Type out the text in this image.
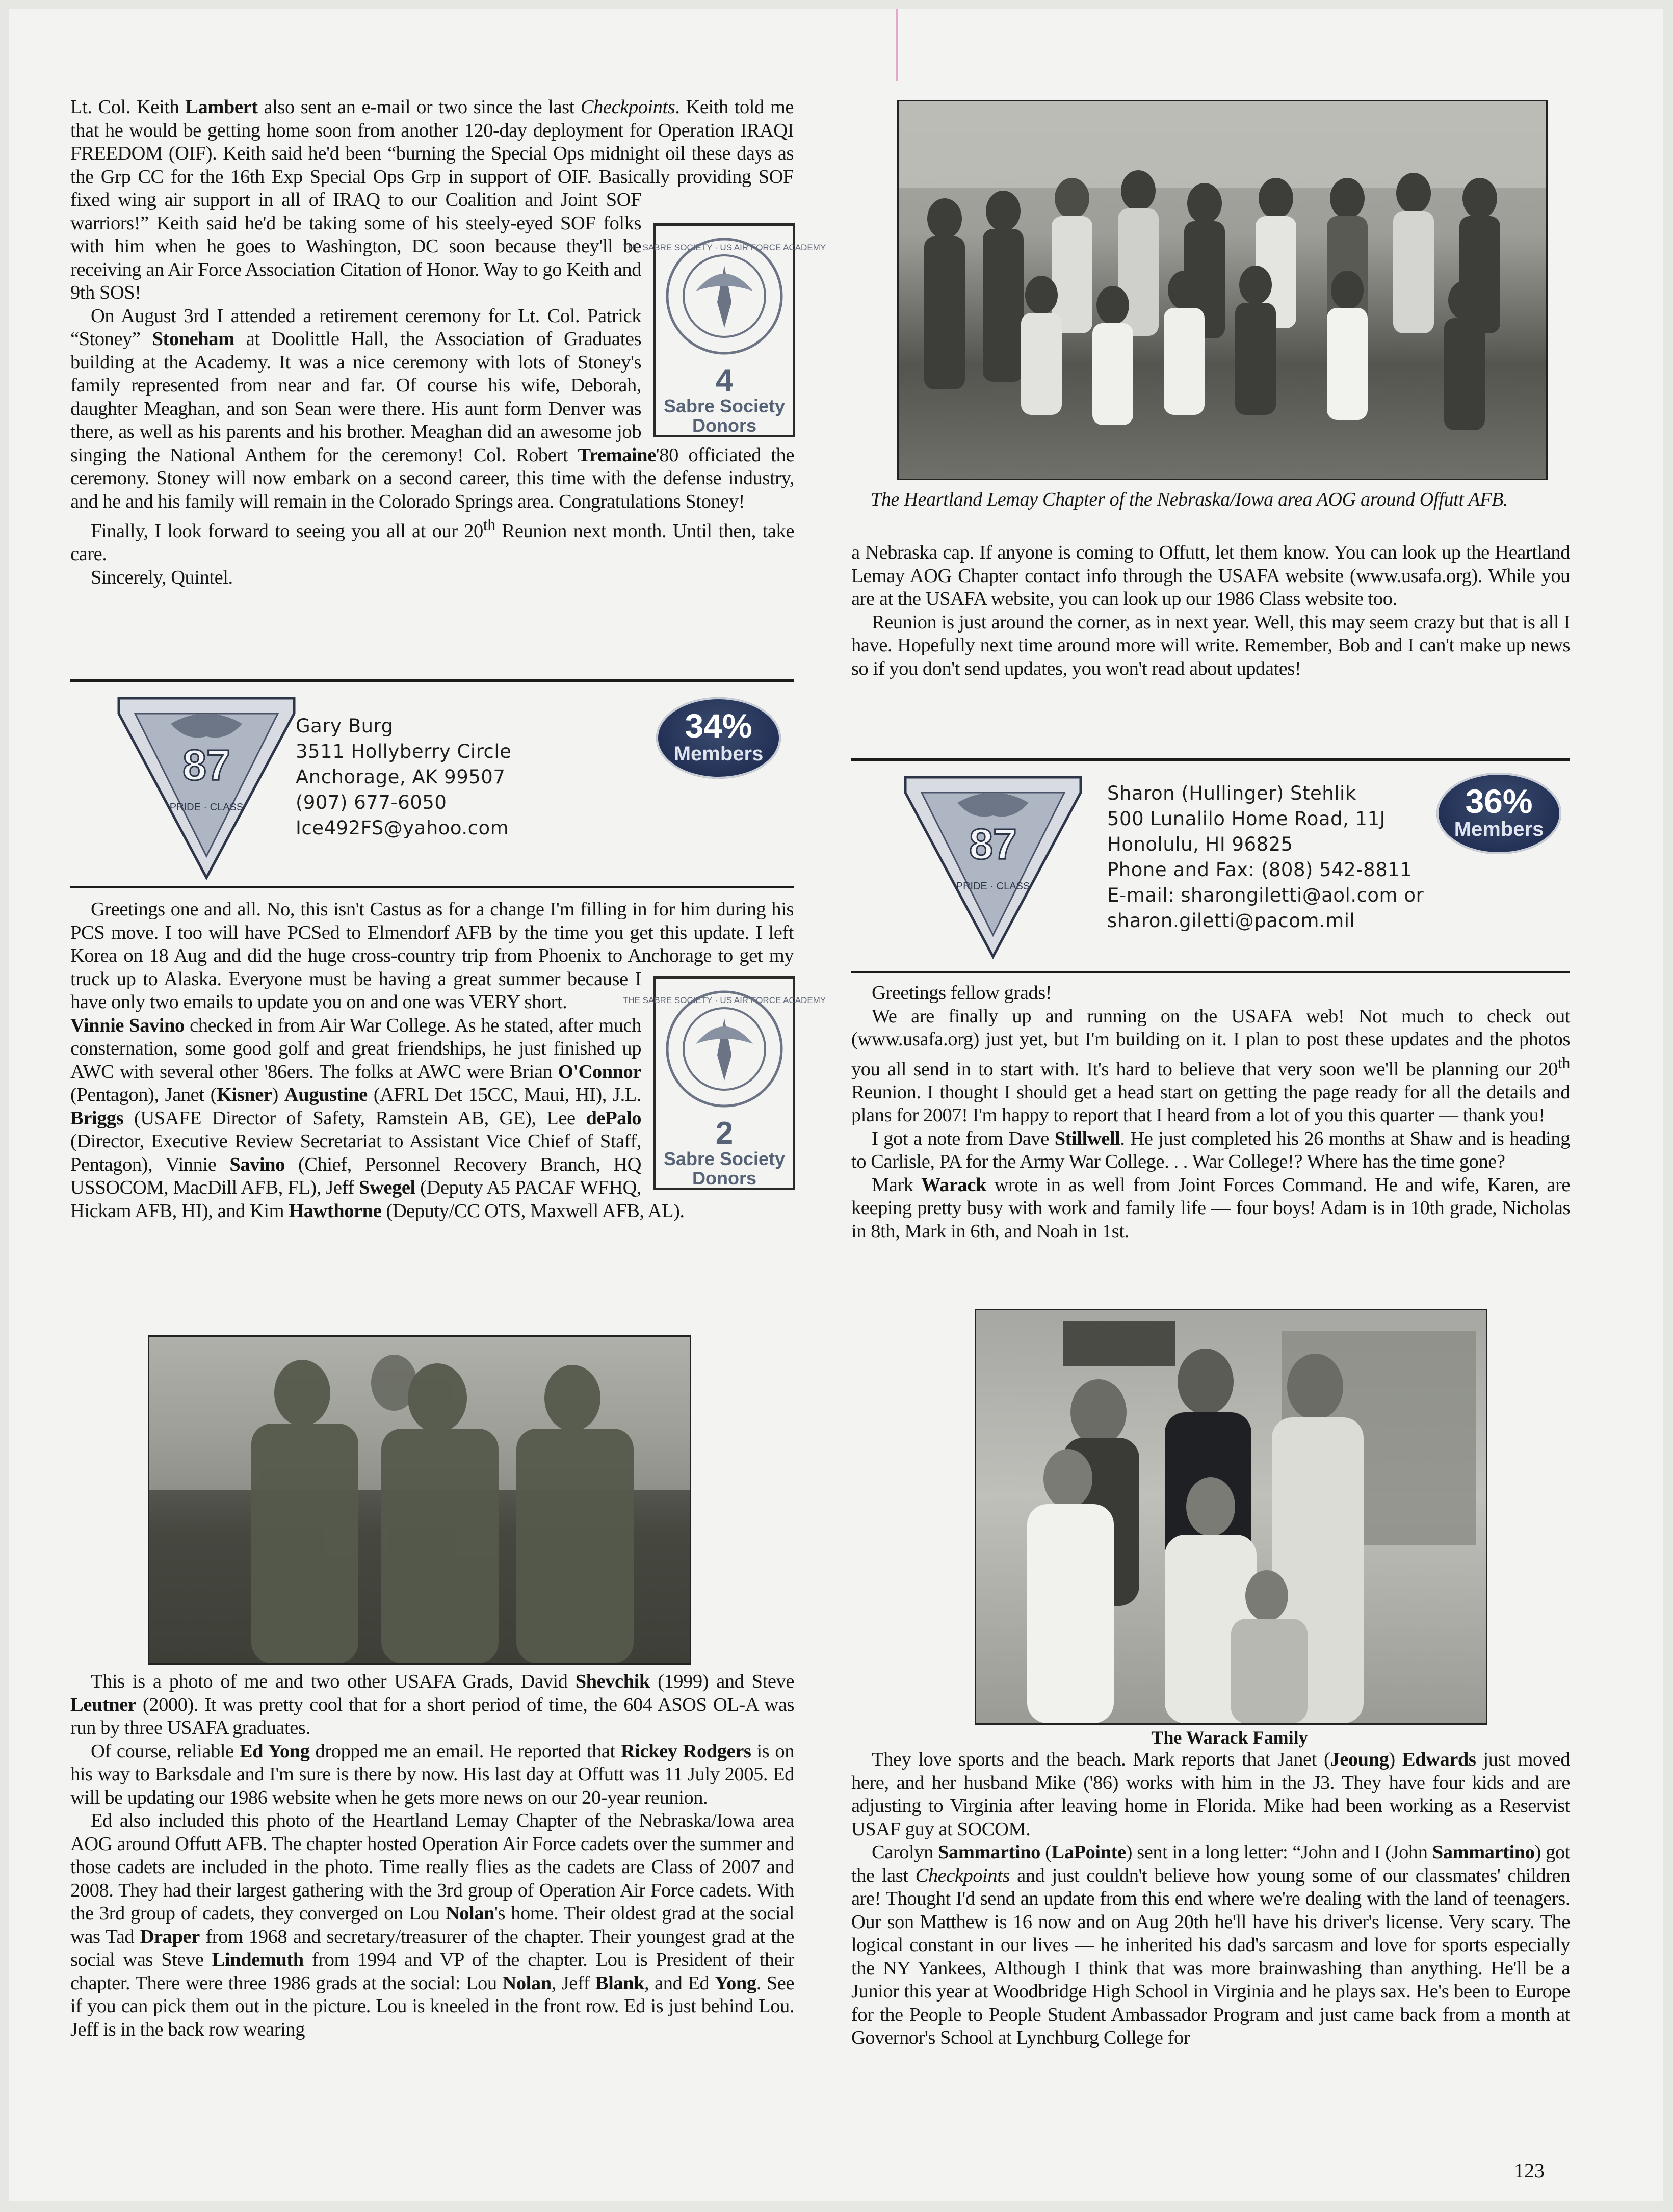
Lt. Col. Keith Lambert also sent an e-mail or two since the last Checkpoints. Keith told me that he would be getting home soon from another 120-day deployment for Operation IRAQI FREEDOM (OIF). Keith said he'd been “burning the Special Ops midnight oil these days as the Grp CC for the 16th Exp Special Ops Grp in support of OIF. Basically providing SOF fixed wing air support in all of IRAQ to our Coalition and Joint SOF warriors!” Keith said he'd be taking some of his steely-eyed SOF folks with him when he goes to Washington, DC soon because they'll be receiving an Air Force Association Citation of Honor. Way to go Keith and 9th SOS!

On August 3rd I attended a retirement ceremony for Lt. Col. Patrick “Stoney” Stoneham at Doolittle Hall, the Association of Graduates building at the Academy. It was a nice ceremony with lots of Stoney's family represented from near and far. Of course his wife, Deborah, daughter Meaghan, and son Sean were there. His aunt form Denver was there, as well as his parents and his brother. Meaghan did an awesome job singing the National Anthem for the ceremony! Col. Robert Tremaine'80 officiated the ceremony. Stoney will now embark on a second career, this time with the defense industry, and he and his family will remain in the Colorado Springs area. Congratulations Stoney!

Finally, I look forward to seeing you all at our 20th Reunion next month. Until then, take care.

Sincerely, Quintel.

THE SABRE SOCIETY · US AIR FORCE ACADEMY
4
Sabre Society
Donors
87
PRIDE · CLASS
Gary Burg
3511 Hollyberry Circle
Anchorage, AK 99507
(907) 677-6050
Ice492FS@yahoo.com
34%
Members

Greetings one and all. No, this isn't Castus as for a change I'm filling in for him during his PCS move. I too will have PCSed to Elmendorf AFB by the time you get this update. I left Korea on 18 Aug and did the huge cross-country trip from Phoenix to Anchorage to get my truck up to Alaska. Everyone must be having a great summer because I have only two emails to update you on and one was VERY short.

Vinnie Savino checked in from Air War College. As he stated, after much consternation, some good golf and great friendships, he just finished up AWC with several other '86ers. The folks at AWC were Brian O'Connor (Pentagon), Janet (Kisner) Augustine (AFRL Det 15CC, Maui, HI), J.L. Briggs (USAFE Director of Safety, Ramstein AB, GE), Lee dePalo (Director, Executive Review Secretariat to Assistant Vice Chief of Staff, Pentagon), Vinnie Savino (Chief, Personnel Recovery Branch, HQ USSOCOM, MacDill AFB, FL), Jeff Swegel (Deputy A5 PACAF WFHQ, Hickam AFB, HI), and Kim Hawthorne (Deputy/CC OTS, Maxwell AFB, AL).

THE SABRE SOCIETY · US AIR FORCE ACADEMY
2
Sabre Society
Donors

This is a photo of me and two other USAFA Grads, David Shevchik (1999) and Steve Leutner (2000). It was pretty cool that for a short period of time, the 604 ASOS OL-A was run by three USAFA graduates.

Of course, reliable Ed Yong dropped me an email. He reported that Rickey Rodgers is on his way to Barksdale and I'm sure is there by now. His last day at Offutt was 11 July 2005. Ed will be updating our 1986 website when he gets more news on our 20-year reunion.

Ed also included this photo of the Heartland Lemay Chapter of the Nebraska/Iowa area AOG around Offutt AFB. The chapter hosted Operation Air Force cadets over the summer and those cadets are included in the photo. Time really flies as the cadets are Class of 2007 and 2008. They had their largest gathering with the 3rd group of Operation Air Force cadets. With the 3rd group of cadets, they converged on Lou Nolan's home. Their oldest grad at the social was Tad Draper from 1968 and secretary/treasurer of the chapter. Their youngest grad at the social was Steve Lindemuth from 1994 and VP of the chapter. Lou is President of their chapter. There were three 1986 grads at the social: Lou Nolan, Jeff Blank, and Ed Yong. See if you can pick them out in the picture. Lou is kneeled in the front row. Ed is just behind Lou. Jeff is in the back row wearing

The Heartland Lemay Chapter of the Nebraska/Iowa area AOG around Offutt AFB.

a Nebraska cap. If anyone is coming to Offutt, let them know. You can look up the Heartland Lemay AOG Chapter contact info through the USAFA website (www.usafa.org). While you are at the USAFA website, you can look up our 1986 Class website too.

Reunion is just around the corner, as in next year. Well, this may seem crazy but that is all I have. Hopefully next time around more will write. Remember, Bob and I can't make up news so if you don't send updates, you won't read about updates!

87
PRIDE · CLASS
Sharon (Hullinger) Stehlik
500 Lunalilo Home Road, 11J
Honolulu, HI 96825
Phone and Fax: (808) 542-8811
E-mail: sharongiletti@aol.com or
sharon.giletti@pacom.mil
36%
Members

Greetings fellow grads!

We are finally up and running on the USAFA web! Not much to check out (www.usafa.org) just yet, but I'm building on it. I plan to post these updates and the photos you all send in to start with. It's hard to believe that very soon we'll be planning our 20th Reunion. I thought I should get a head start on getting the page ready for all the details and plans for 2007! I'm happy to report that I heard from a lot of you this quarter — thank you!

I got a note from Dave Stillwell. He just completed his 26 months at Shaw and is heading to Carlisle, PA for the Army War College. . . War College!? Where has the time gone?

Mark Warack wrote in as well from Joint Forces Command. He and wife, Karen, are keeping pretty busy with work and family life — four boys! Adam is in 10th grade, Nicholas in 8th, Mark in 6th, and Noah in 1st.

The Warack Family

They love sports and the beach. Mark reports that Janet (Jeoung) Edwards just moved here, and her husband Mike ('86) works with him in the J3. They have four kids and are adjusting to Virginia after leaving home in Florida. Mike had been working as a Reservist USAF guy at SOCOM.

Carolyn Sammartino (LaPointe) sent in a long letter: “John and I (John Sammartino) got the last Checkpoints and just couldn't believe how young some of our classmates' children are! Thought I'd send an update from this end where we're dealing with the land of teenagers. Our son Matthew is 16 now and on Aug 20th he'll have his driver's license. Very scary. The logical constant in our lives — he inherited his dad's sarcasm and love for sports especially the NY Yankees, Although I think that was more brainwashing than anything. He'll be a Junior this year at Woodbridge High School in Virginia and he plays sax. He's been to Europe for the People to People Student Ambassador Program and just came back from a month at Governor's School at Lynchburg College for

123
